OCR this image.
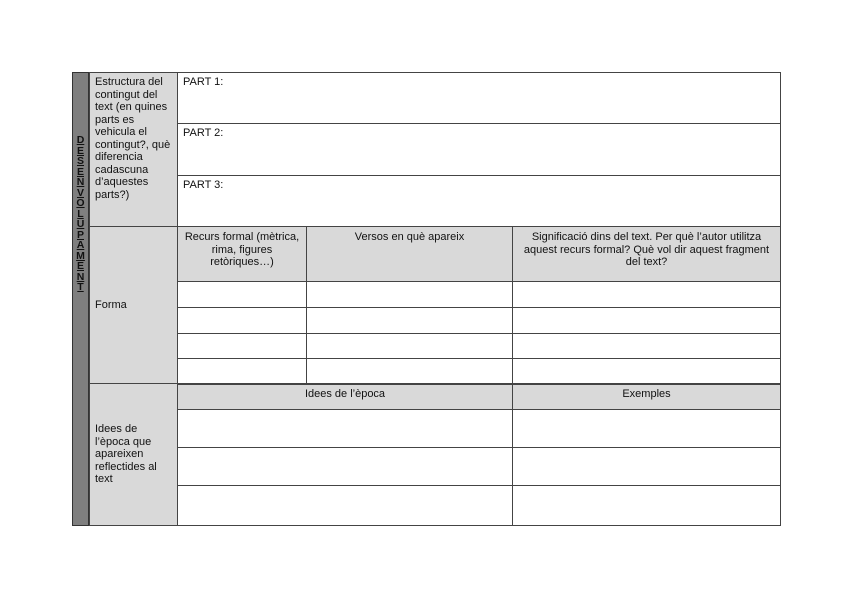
D
E
S
E
N
V
O
L
U
P
A
M
E
N
T
Estructura del contingut del text (en quines parts es vehicula el contingut?, què diferencia cadascuna d’aquestes parts?)
PART 1:
PART 2:
PART 3:
Forma
Recurs formal (mètrica, rima, figures retòriques…)
Versos en què apareix	Significació dins del text. Per què l’autor utilitza aquest recurs formal? Què vol dir aquest fragment del text?
Idees de l’època que apareixen reflectides al text
Idees de l’època	Exemples
